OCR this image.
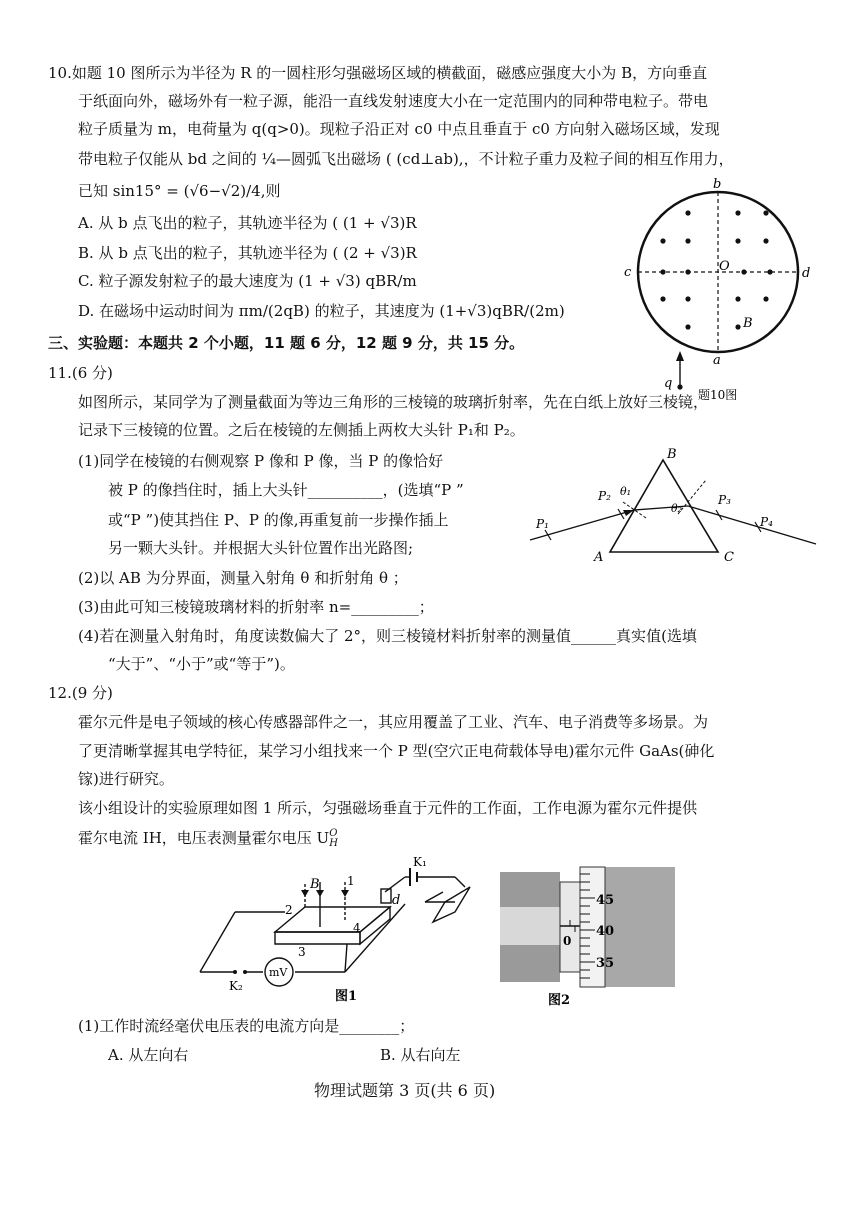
10.如题 10 图所示为半径为 R 的一圆柱形匀强磁场区域的横截面，磁感应强度大小为 B，方向垂直
于纸面向外，磁场外有一粒子源，能沿一直线发射速度大小在一定范围内的同种带电粒子。带电
粒子质量为 m，电荷量为 q(q>0)。现粒子沿正对 c0 中点且垂直于 c0 方向射入磁场区域，发现
带电粒子仅能从 bd 之间的 ¼—圆弧飞出磁场 ( (cd⊥ab),，不计粒子重力及粒子间的相互作用力，
已知 sin15° = (√6−√2)/4,则
A. 从 b 点飞出的粒子，其轨迹半径为 ( (1 + √3)R
B. 从 b 点飞出的粒子，其轨迹半径为 ( (2 + √3)R
C. 粒子源发射粒子的最大速度为 (1 + √3) qBR/m
D. 在磁场中运动时间为 πm/(2qB) 的粒子，其速度为 (1+√3)qBR/(2m)
b
c	d
a
O
B
q
题10图
三、实验题：本题共 2 个小题，11 题 6 分，12 题 9 分，共 15 分。
11.(6 分)
如图所示，某同学为了测量截面为等边三角形的三棱镜的玻璃折射率，先在白纸上放好三棱镜，
记录下三棱镜的位置。之后在棱镜的左侧插上两枚大头针 P₁和 P₂。
(1)同学在棱镜的右侧观察 P 像和 P 像，当 P 的像恰好
被 P 的像挡住时，插上大头针__________，(选填“P ”
或“P ”)使其挡住 P、P 的像,再重复前一步操作插上
另一颗大头针。并根据大头针位置作出光路图;
(2)以 AB 为分界面，测量入射角 θ 和折射角 θ ；
(3)由此可知三棱镜玻璃材料的折射率 n=_________；
(4)若在测量入射角时，角度读数偏大了 2°，则三棱镜材料折射率的测量值______真实值(选填
“大于”、“小于”或“等于”)。
B
A	C
P₁
P₂	P₃
P₄
θ₁
θ₂
12.(9 分)
霍尔元件是电子领域的核心传感器部件之一，其应用覆盖了工业、汽车、电子消费等多场景。为
了更清晰掌握其电学特征，某学习小组找来一个 P 型(空穴正电荷载体导电)霍尔元件 GaAs(砷化
镓)进行研究。
该小组设计的实验原理如图 1 所示，匀强磁场垂直于元件的工作面，工作电源为霍尔元件提供
霍尔电流 IH，电压表测量霍尔电压 U O
H
B 1
2
3
4
d
K₁
K₂
mV
图1
45
40
35
0
图2
(1)工作时流经毫伏电压表的电流方向是________；
A. 从左向右	B. 从右向左
物理试题第 3 页(共 6 页)
